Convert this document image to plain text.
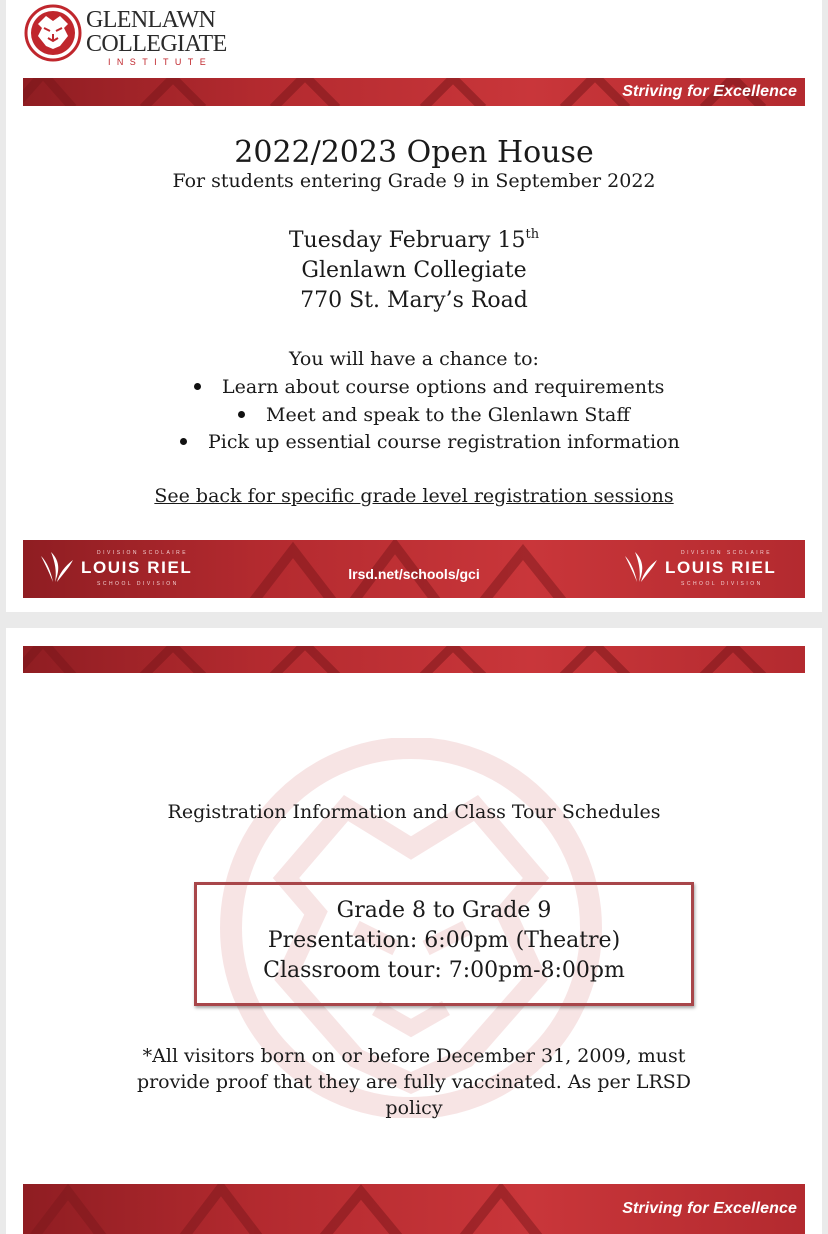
GLENLAWN
COLLEGIATE
INSTITUTE
Striving for Excellence
2022/2023 Open House
For students entering Grade 9 in September 2022
Tuesday February 15th
Glenlawn Collegiate
770 St. Mary’s Road
You will have a chance to:
Learn about course options and requirements
Meet and speak to the Glenlawn Staff
Pick up essential course registration information
See back for specific grade level registration sessions
DIVISION SCOLAIRE
LOUIS RIEL
SCHOOL DIVISION
lrsd.net/schools/gci
DIVISION SCOLAIRE
LOUIS RIEL
SCHOOL DIVISION
Registration Information and Class Tour Schedules
Grade 8 to Grade 9
Presentation: 6:00pm (Theatre)
Classroom tour: 7:00pm-8:00pm
*All visitors born on or before December 31, 2009, must
provide proof that they are fully vaccinated. As per LRSD
policy
Striving for Excellence
